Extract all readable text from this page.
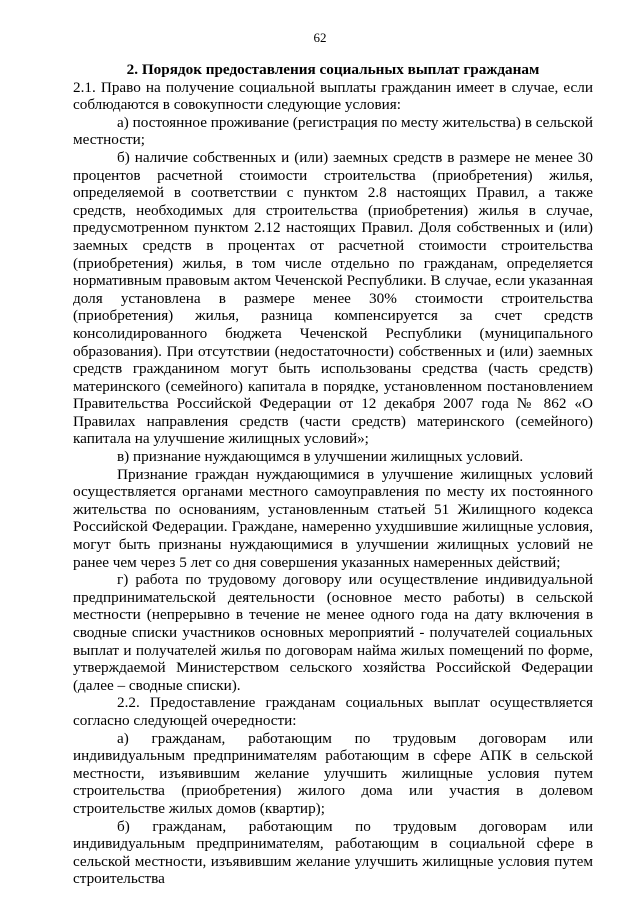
62

2. Порядок предоставления социальных выплат гражданам

2.1. Право на получение социальной выплаты гражданин имеет в случае, если соблюдаются в совокупности следующие условия:

а) постоянное проживание (регистрация по месту жительства) в сельской местности;

б) наличие собственных и (или) заемных средств в размере не менее 30 процентов расчетной стоимости строительства (приобретения) жилья, определяемой в соответствии с пунктом 2.8 настоящих Правил, а также средств, необходимых для строительства (приобретения) жилья в случае, предусмотренном пунктом 2.12 настоящих Правил. Доля собственных и (или) заемных средств в процентах от расчетной стоимости строительства (приобретения) жилья, в том числе отдельно по гражданам, определяется нормативным правовым актом Чеченской Республики. В случае, если указанная доля установлена в размере менее 30% стоимости строительства (приобретения) жилья, разница компенсируется за счет средств консолидированного бюджета Чеченской Республики (муниципального образования). При отсутствии (недостаточности) собственных и (или) заемных средств гражданином могут быть использованы средства (часть средств) материнского (семейного) капитала в порядке, установленном постановлением Правительства Российской Федерации от 12 декабря 2007 года № 862 «О Правилах направления средств (части средств) материнского (семейного) капитала на улучшение жилищных условий»;

в) признание нуждающимся в улучшении жилищных условий.

Признание граждан нуждающимися в улучшение жилищных условий осуществляется органами местного самоуправления по месту их постоянного жительства по основаниям, установленным статьей 51 Жилищного кодекса Российской Федерации. Граждане, намеренно ухудшившие жилищные условия, могут быть признаны нуждающимися в улучшении жилищных условий не ранее чем через 5 лет со дня совершения указанных намеренных действий;

г) работа по трудовому договору или осуществление индивидуальной предпринимательской деятельности (основное место работы) в сельской местности (непрерывно в течение не менее одного года на дату включения в сводные списки участников основных мероприятий - получателей социальных выплат и получателей жилья по договорам найма жилых помещений по форме, утверждаемой Министерством сельского хозяйства Российской Федерации (далее – сводные списки).

2.2. Предоставление гражданам социальных выплат осуществляется согласно следующей очередности:

а) гражданам, работающим по трудовым договорам или индивидуальным предпринимателям работающим в сфере АПК в сельской местности, изъявившим желание улучшить жилищные условия путем строительства (приобретения) жилого дома или участия в долевом строительстве жилых домов (квартир);

б) гражданам, работающим по трудовым договорам или индивидуальным предпринимателям, работающим в социальной сфере в сельской местности, изъявившим желание улучшить жилищные условия путем строительства
